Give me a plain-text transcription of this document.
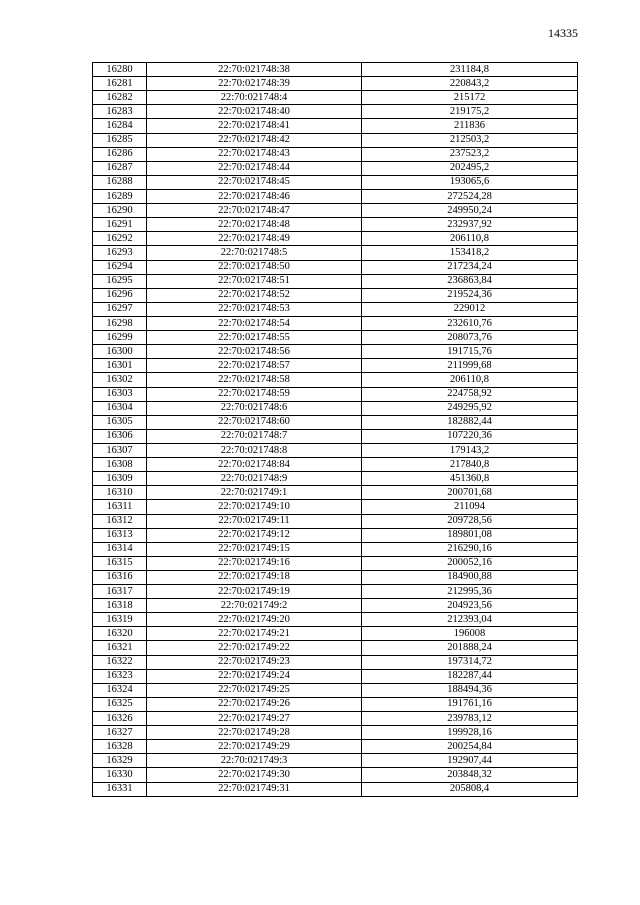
14335
16280	22:70:021748:38	231184,8
16281	22:70:021748:39	220843,2
16282	22:70:021748:4	215172
16283	22:70:021748:40	219175,2
16284	22:70:021748:41	211836
16285	22:70:021748:42	212503,2
16286	22:70:021748:43	237523,2
16287	22:70:021748:44	202495,2
16288	22:70:021748:45	193065,6
16289	22:70:021748:46	272524,28
16290	22:70:021748:47	249950,24
16291	22:70:021748:48	232937,92
16292	22:70:021748:49	206110,8
16293	22:70:021748:5	153418,2
16294	22:70:021748:50	217234,24
16295	22:70:021748:51	236863,84
16296	22:70:021748:52	219524,36
16297	22:70:021748:53	229012
16298	22:70:021748:54	232610,76
16299	22:70:021748:55	208073,76
16300	22:70:021748:56	191715,76
16301	22:70:021748:57	211999,68
16302	22:70:021748:58	206110,8
16303	22:70:021748:59	224758,92
16304	22:70:021748:6	249295,92
16305	22:70:021748:60	182882,44
16306	22:70:021748:7	107220,36
16307	22:70:021748:8	179143,2
16308	22:70:021748:84	217840,8
16309	22:70:021748:9	451360,8
16310	22:70:021749:1	200701,68
16311	22:70:021749:10	211094
16312	22:70:021749:11	209728,56
16313	22:70:021749:12	189801,08
16314	22:70:021749:15	216290,16
16315	22:70:021749:16	200052,16
16316	22:70:021749:18	184900,88
16317	22:70:021749:19	212995,36
16318	22:70:021749:2	204923,56
16319	22:70:021749:20	212393,04
16320	22:70:021749:21	196008
16321	22:70:021749:22	201888,24
16322	22:70:021749:23	197314,72
16323	22:70:021749:24	182287,44
16324	22:70:021749:25	188494,36
16325	22:70:021749:26	191761,16
16326	22:70:021749:27	239783,12
16327	22:70:021749:28	199928,16
16328	22:70:021749:29	200254,84
16329	22:70:021749:3	192907,44
16330	22:70:021749:30	203848,32
16331	22:70:021749:31	205808,4
